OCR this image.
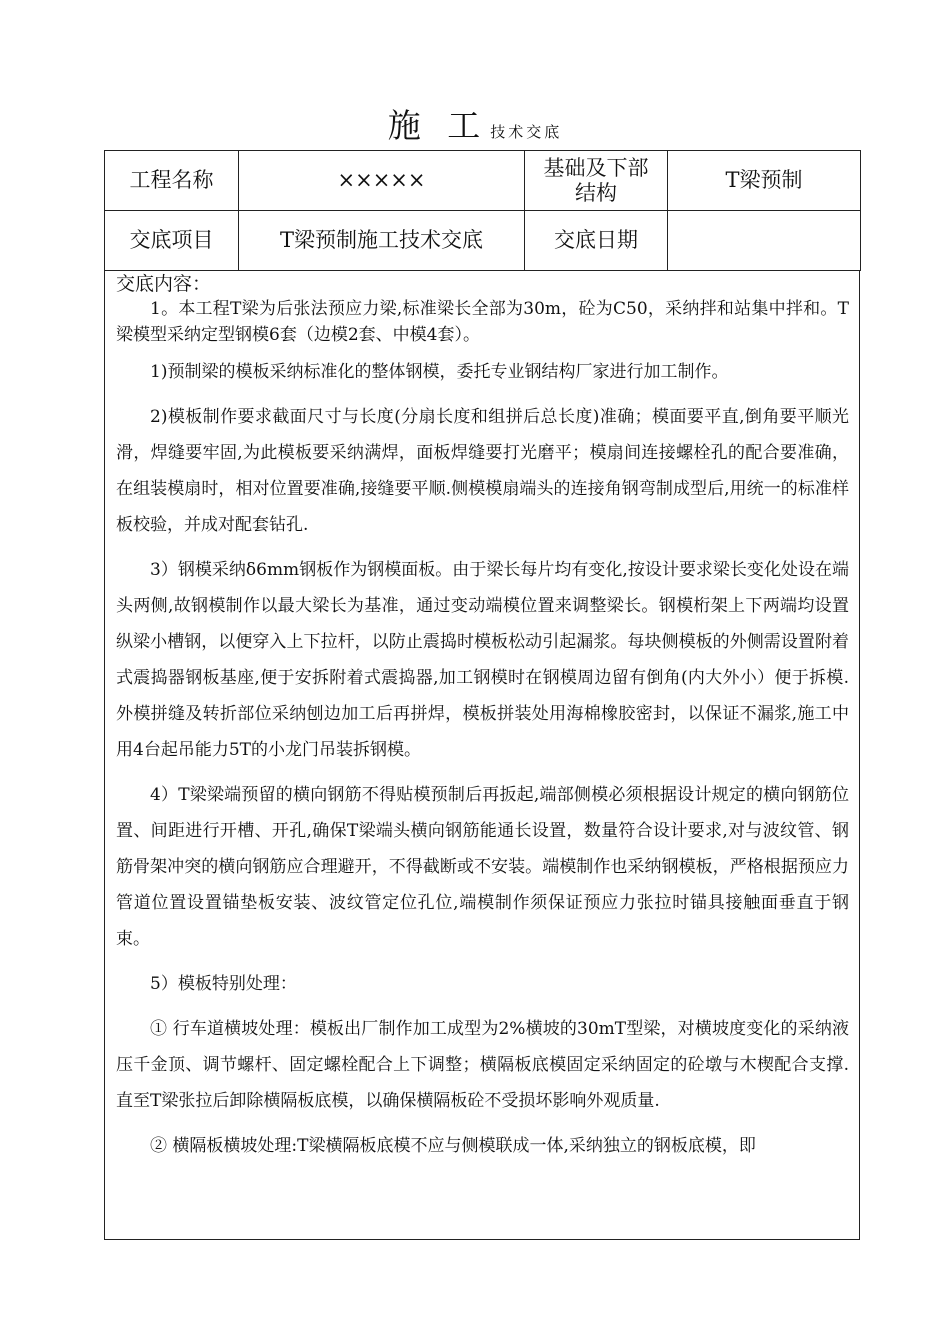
施 工 技术交底
工程名称	×××××	基础及下部结构	T梁预制
交底项目	T梁预制施工技术交底	交底日期	
交底内容：

1。本工程T梁为后张法预应力梁,标准梁长全部为30m，砼为C50，采纳拌和站集中拌和。T梁模型采纳定型钢模6套（边模2套、中模4套）。

1)预制梁的模板采纳标准化的整体钢模，委托专业钢结构厂家进行加工制作。

2)模板制作要求截面尺寸与长度(分扇长度和组拼后总长度)准确；模面要平直,倒角要平顺光滑，焊缝要牢固,为此模板要采纳满焊，面板焊缝要打光磨平；模扇间连接螺栓孔的配合要准确，在组装模扇时，相对位置要准确,接缝要平顺.侧模模扇端头的连接角钢弯制成型后,用统一的标准样板校验，并成对配套钻孔.

3）钢模采纳δ6mm钢板作为钢模面板。由于梁长每片均有变化,按设计要求梁长变化处设在端头两侧,故钢模制作以最大梁长为基准，通过变动端模位置来调整梁长。钢模桁架上下两端均设置纵梁小槽钢，以便穿入上下拉杆，以防止震捣时模板松动引起漏浆。每块侧模板的外侧需设置附着式震捣器钢板基座,便于安拆附着式震捣器,加工钢模时在钢模周边留有倒角(内大外小）便于拆模.外模拼缝及转折部位采纳刨边加工后再拼焊，模板拼装处用海棉橡胶密封，以保证不漏浆,施工中用4台起吊能力5T的小龙门吊装拆钢模。

4）T梁梁端预留的横向钢筋不得贴模预制后再扳起,端部侧模必须根据设计规定的横向钢筋位置、间距进行开槽、开孔,确保T梁端头横向钢筋能通长设置，数量符合设计要求,对与波纹管、钢筋骨架冲突的横向钢筋应合理避开，不得截断或不安装。端模制作也采纳钢模板，严格根据预应力管道位置设置锚垫板安装、波纹管定位孔位,端模制作须保证预应力张拉时锚具接触面垂直于钢束。

5）模板特别处理：

① 行车道横坡处理：模板出厂制作加工成型为2%横坡的30mT型梁，对横坡度变化的采纳液压千金顶、调节螺杆、固定螺栓配合上下调整；横隔板底模固定采纳固定的砼墩与木楔配合支撑.直至T梁张拉后卸除横隔板底模，以确保横隔板砼不受损坏影响外观质量.

② 横隔板横坡处理:T梁横隔板底模不应与侧模联成一体,采纳独立的钢板底模，即
